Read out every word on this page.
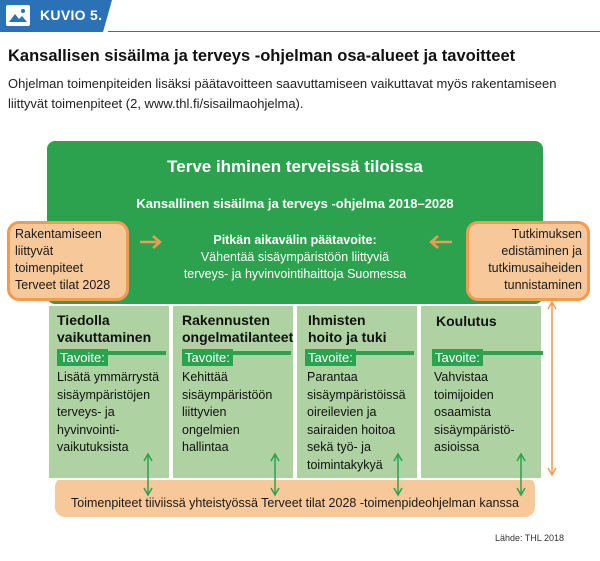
KUVIO 5.
Kansallisen sisäilma ja terveys -ohjelman osa-alueet ja tavoitteet
Ohjelman toimenpiteiden lisäksi päätavoitteen saavuttamiseen vaikuttavat myös rakentamiseen liittyvät toimenpiteet (2, www.thl.fi/sisailmaohjelma).
Terve ihminen terveissä tiloissa
Kansallinen sisäilma ja terveys -ohjelma 2018–2028
Pitkän aikavälin päätavoite:
Vähentää sisäympäristöön liittyviä
terveys- ja hyvinvointihaittoja Suomessa
Toimenpiteet tiiviissä yhteistyössä Terveet tilat 2028 -toimenpideohjelman kanssa
Tiedolla
vaikuttaminen
Tavoite:
Lisätä ymmärrystä
sisäympäristöjen
terveys- ja
hyvinvointi-
vaikutuksista
Rakennusten
ongelmatilanteet
Tavoite:
Kehittää
sisäympäristöön
liittyvien
ongelmien
hallintaa
Ihmisten
hoito ja tuki
Tavoite:
Parantaa
sisäympäristöissä
oireilevien ja
sairaiden hoitoa
sekä työ- ja
toimintakykyä
Koulutus
Tavoite:
Vahvistaa
toimijoiden
osaamista
sisäympäristö-
asioissa
Rakentamiseen
liittyvät
toimenpiteet
Terveet tilat 2028
Tutkimuksen
edistäminen ja
tutkimusaiheiden
tunnistaminen
Lähde: THL 2018
